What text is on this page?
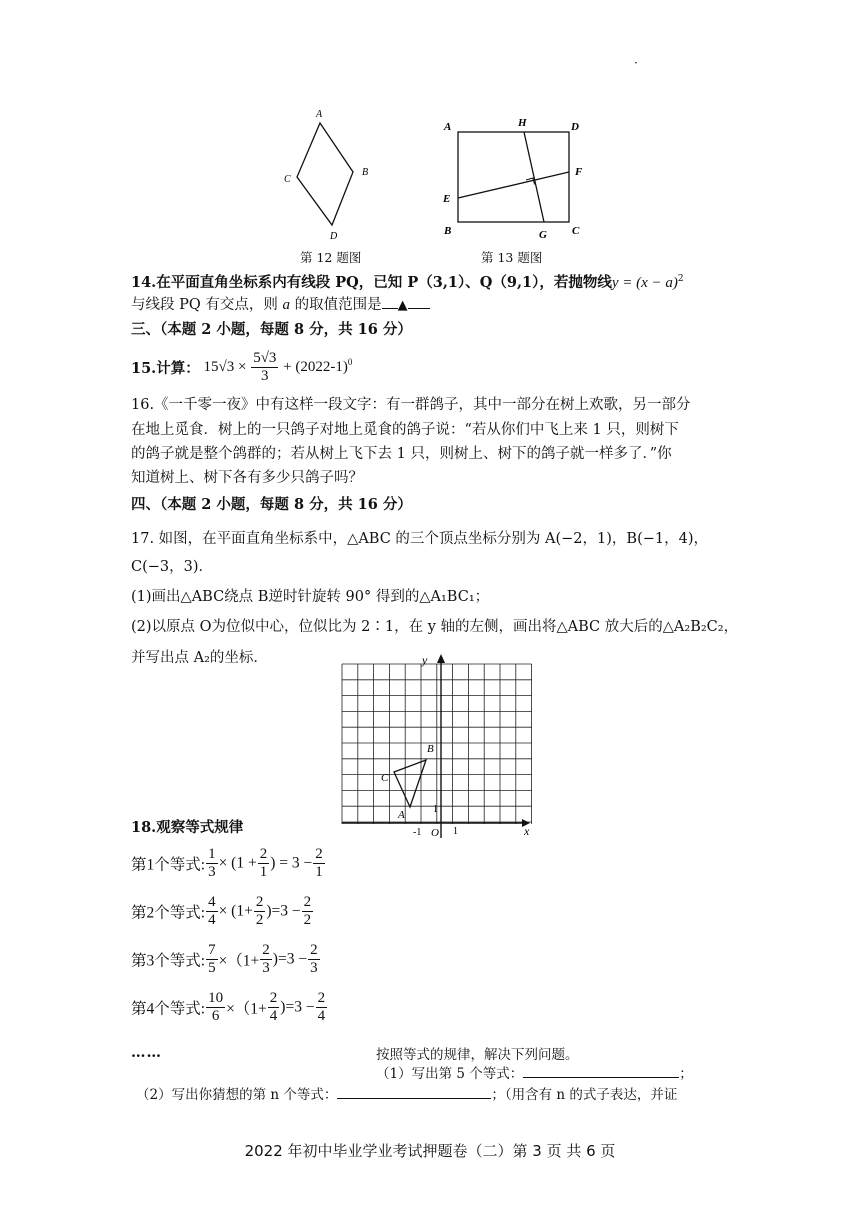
·
A
B
C
D
第 12 题图
A	H	D
E
F
B	G C
第 13 题图
14.在平面直角坐标系内有线段 PQ，已知 P（3,1）、Q（9,1），若抛物线$y = (x - a)^2$
与线段 PQ 有交点，则 a 的取值范围是 ▲
三、（本题 2 小题，每题 8 分，共 16 分）
15.计算： $15√3 \times \frac{5√3}{3} + (2022-1)^0$
16.《一千零一夜》中有这样一段文字：有一群鸽子，其中一部分在树上欢歌，另一部分
在地上觅食．树上的一只鸽子对地上觅食的鸽子说：“若从你们中飞上来 1 只，则树下
的鸽子就是整个鸽群的；若从树上飞下去 1 只，则树上、树下的鸽子就一样多了．”你
知道树上、树下各有多少只鸽子吗？
四、（本题 2 小题，每题 8 分，共 16 分）
17. 如图，在平面直角坐标系中，△ABC 的三个顶点坐标分别为 A(−2，1)，B(−1，4)，
C(−3，3)．
(1)画出△ABC绕点 B逆时针旋转 90° 得到的△A₁BC₁；
(2)以原点 O为位似中心，位似比为 2∶1，在 y 轴的左侧，画出将△ABC 放大后的△A₂B₂C₂，
并写出点 A₂的坐标．	y
x
O
-1	1
1
A
B
C
18.观察等式规律
第1个等式: $\frac{1}{3} \times (1 + \frac{2}{1}$ ) = $3 - \frac{2}{1}$
第2个等式: $\frac{4}{4} \times (1+ \frac{2}{2} )=3 - \frac{2}{2}$
第3个等式: $\frac{7}{5} \times(1+ \frac{2}{3} )=3 - \frac{2}{3}$
第4个等式: $\frac{10}{6} \times(1+ \frac{2}{4} )=3 - \frac{2}{4}$
……	按照等式的规律，解决下列问题。
（1）写出第 5 个等式：	；
（2）写出你猜想的第 n 个等式：	；（用含有 n 的式子表达，并证
2022 年初中毕业学业考试押题卷（二）第 3 页 共 6 页
